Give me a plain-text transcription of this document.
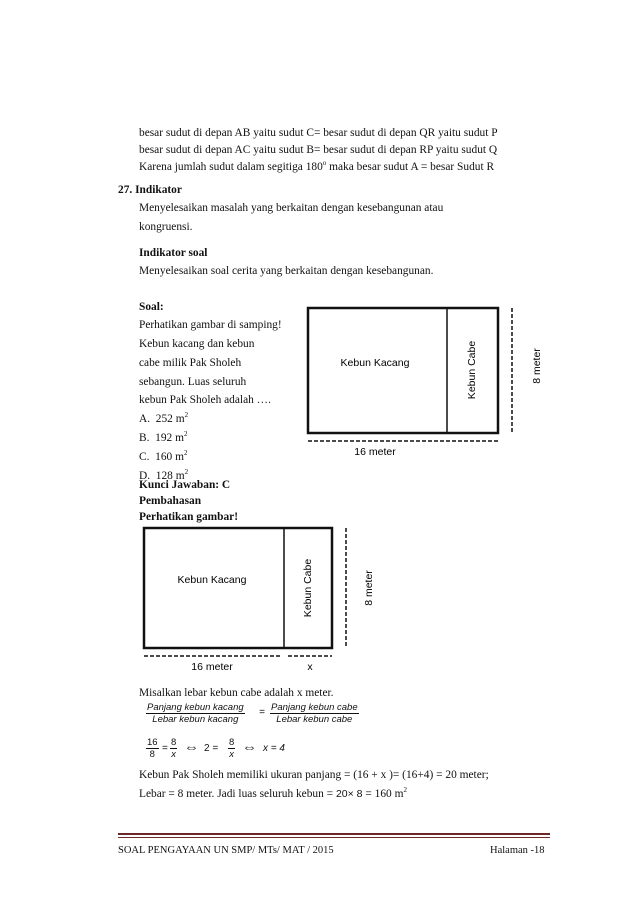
besar sudut di depan AB yaitu sudut C= besar sudut di depan QR yaitu sudut P
besar sudut di depan AC yaitu sudut B= besar sudut di depan RP yaitu sudut Q
Karena jumlah sudut dalam segitiga 180$^o$ maka besar sudut A = besar Sudut R
27. Indikator
Menyelesaikan masalah yang berkaitan dengan kesebangunan atau
kongruensi.
Indikator soal
Menyelesaikan soal cerita yang berkaitan dengan kesebangunan.
Soal:
Perhatikan gambar di samping!
Kebun kacang dan kebun
cabe milik Pak Sholeh
sebangun. Luas seluruh
kebun Pak Sholeh adalah ….
A. 252 $m^2$
B. 192 $m^2$
C. 160 $m^2$
D. 128 $m^2$
Kebun Kacang	Kebun Cabe
16 meter
8 meter
Kunci Jawaban: C
Pembahasan
Perhatikan gambar!
Kebun Kacang	Kebun Cabe
16 meter	x
8 meter
Misalkan lebar kebun cabe adalah x meter.
Panjang kebun kacang
Lebar kebun kacang
= Panjang kebun cabe
Lebar kebun cabe
$\frac{16}{8} = \frac{8}{x}$ ⇔ $2 = \frac{8}{x}$ ⇔ x = 4
Kebun Pak Sholeh memiliki ukuran panjang = (16 + x )= (16+4) = 20 meter;
Lebar = 8 meter. Jadi luas seluruh kebun = 20× 8 = 160 $m^2$
SOAL PENGAYAAN UN SMP/ MTs/ MAT / 2015	Halaman -18
